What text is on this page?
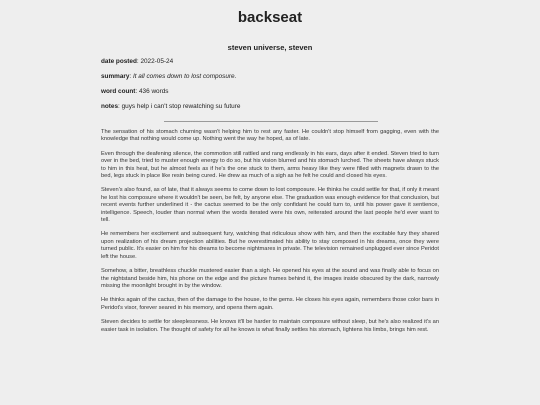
backseat
steven universe, steven
date posted: 2022-05-24
summary: It all comes down to lost composure.
word count: 436 words
notes: guys help i can't stop rewatching su future

The sensation of his stomach churning wasn't helping him to rest any faster. He couldn't stop himself from gagging, even with the knowledge that nothing would come up. Nothing went the way he hoped, as of late.

Even through the deafening silence, the commotion still rattled and rang endlessly in his ears, days after it ended. Steven tried to turn over in the bed, tried to muster enough energy to do so, but his vision blurred and his stomach lurched. The sheets have always stuck to him in this heat, but he almost feels as if he's the one stuck to them, arms heavy like they were filled with magnets drawn to the bed, legs stuck in place like resin being cured. He drew as much of a sigh as he felt he could and closed his eyes.

Steven's also found, as of late, that it always seems to come down to lost composure. He thinks he could settle for that, if only it meant he lost his composure where it wouldn't be seen, be felt, by anyone else. The graduation was enough evidence for that conclusion, but recent events further underlined it - the cactus seemed to be the only confidant he could turn to, until his power gave it sentience, intelligence. Speech, louder than normal when the words iterated were his own, reiterated around the last people he'd ever want to tell.

He remembers her excitement and subsequent fury, watching that ridiculous show with him, and then the excitable fury they shared upon realization of his dream projection abilities. But he overestimated his ability to stay composed in his dreams, once they were turned public. It's easier on him for his dreams to become nightmares in private. The television remained unplugged ever since Peridot left the house.

Somehow, a bitter, breathless chuckle mustered easier than a sigh. He opened his eyes at the sound and was finally able to focus on the nightstand beside him, his phone on the edge and the picture frames behind it, the images inside obscured by the dark, narrowly missing the moonlight brought in by the window.

He thinks again of the cactus, then of the damage to the house, to the gems. He closes his eyes again, remembers those color bars in Peridot's visor, forever seared in his memory, and opens them again.

Steven decides to settle for sleeplessness. He knows it'll be harder to maintain composure without sleep, but he's also realized it's an easier task in isolation. The thought of safety for all he knows is what finally settles his stomach, lightens his limbs, brings him rest.
